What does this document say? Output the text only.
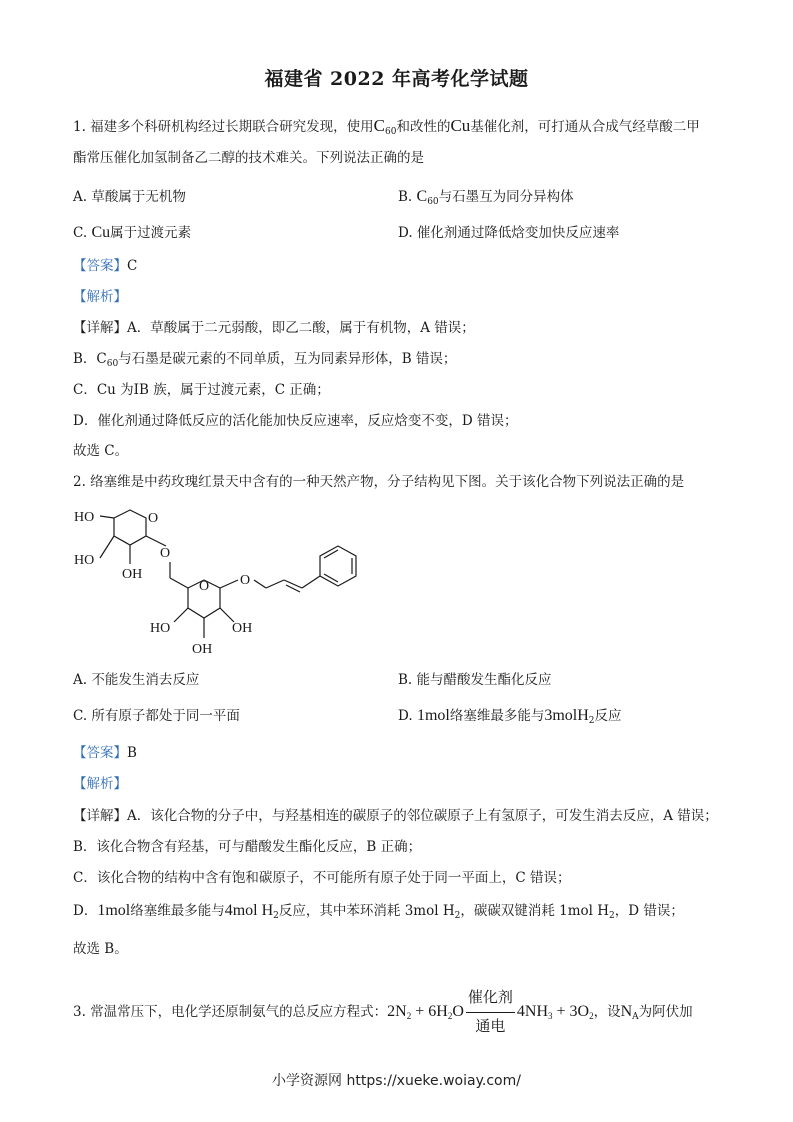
福建省 2022 年高考化学试题
1. 福建多个科研机构经过长期联合研究发现，使用$C_{60}$和改性的Cu基催化剂，可打通从合成气经草酸二甲
酯常压催化加氢制备乙二醇的技术难关。下列说法正确的是
A. 草酸属于无机物	B. $C_{60}$与石墨互为同分异构体
C. Cu属于过渡元素	D. 催化剂通过降低焓变加快反应速率
【答案】C
【解析】
【详解】A．草酸属于二元弱酸，即乙二酸，属于有机物，A 错误；
B．$C_{60}$与石墨是碳元素的不同单质，互为同素异形体，B 错误；
C．Cu 为IB 族，属于过渡元素，C 正确；
D．催化剂通过降低反应的活化能加快反应速率，反应焓变不变，D 错误；
故选 C。
2. 络塞维是中药玫瑰红景天中含有的一种天然产物，分子结构见下图。关于该化合物下列说法正确的是
HO
HO
OH
O
O
O O
HO
OH
OH
A. 不能发生消去反应	B. 能与醋酸发生酯化反应
C. 所有原子都处于同一平面	D. 1mol络塞维最多能与3molH$_2$反应
【答案】B
【解析】
【详解】A．该化合物的分子中，与羟基相连的碳原子的邻位碳原子上有氢原子，可发生消去反应，A 错误；
B．该化合物含有羟基，可与醋酸发生酯化反应，B 正确；
C．该化合物的结构中含有饱和碳原子，不可能所有原子处于同一平面上，C 错误；
D．1mol络塞维最多能与4mol $H_2$反应，其中苯环消耗 3mol $H_2$，碳碳双键消耗 1mol $H_2$，D 错误；
故选 B。
3. 常温常压下，电化学还原制氨气的总反应方程式：$2N_2 + 6H_2O \frac{\text{催化剂}}{\text{通电}} 4NH_3 + 3O_2$，设$N_A$为阿伏加
小学资源网 https://xueke.woiay.com/
